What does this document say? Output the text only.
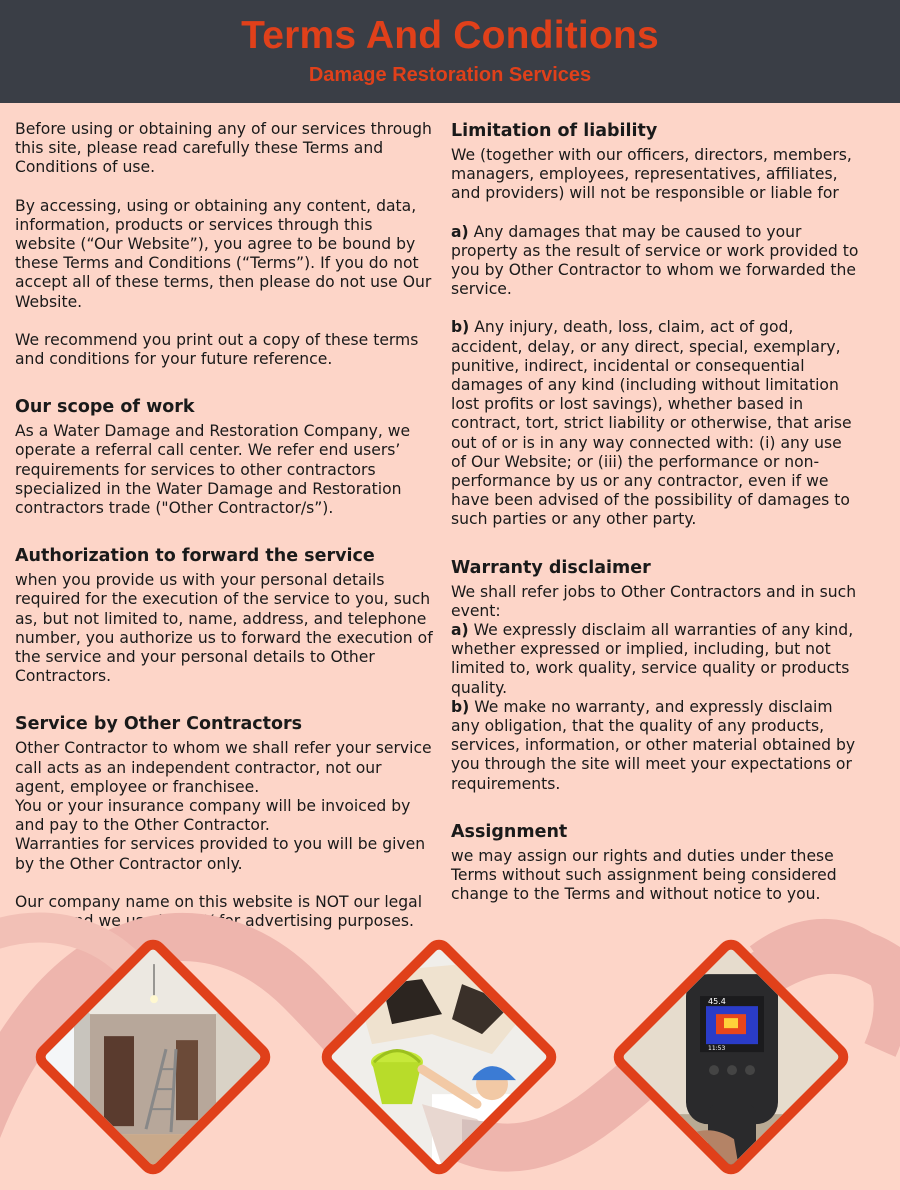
Terms And Conditions
Damage Restoration Services

Before using or obtaining any of our services through this site, please read carefully these Terms and Conditions of use.

By accessing, using or obtaining any content, data, information, products or services through this website (“Our Website”), you agree to be bound by these Terms and Conditions (“Terms”). If you do not accept all of these terms, then please do not use Our Website.

We recommend you print out a copy of these terms and conditions for your future reference.

Our scope of work

As a Water Damage and Restoration Company, we operate a referral call center. We refer end users’ requirements for services to other contractors specialized in the Water Damage and Restoration contractors trade ("Other Contractor/s”).

Authorization to forward the service

when you provide us with your personal details required for the execution of the service to you, such as, but not limited to, name, address, and telephone number, you authorize us to forward the execution of the service and your personal details to Other Contractors.

Service by Other Contractors

Other Contractor to whom we shall refer your service call acts as an independent contractor, not our agent, employee or franchisee.

You or your insurance company will be invoiced by and pay to the Other Contractor.

Warranties for services provided to you will be given by the Other Contractor only.

Our company name on this website is NOT our legal name and we use it ONLY for advertising purposes.

Limitation of liability

We (together with our officers, directors, members, managers, employees, representatives, affiliates, and providers) will not be responsible or liable for

a) Any damages that may be caused to your property as the result of service or work provided to you by Other Contractor to whom we forwarded the service.

b) Any injury, death, loss, claim, act of god, accident, delay, or any direct, special, exemplary, punitive, indirect, incidental or consequential damages of any kind (including without limitation lost profits or lost savings), whether based in contract, tort, strict liability or otherwise, that arise out of or is in any way connected with: (i) any use of Our Website; or (iii) the performance or non-performance by us or any contractor, even if we have been advised of the possibility of damages to such parties or any other party.

Warranty disclaimer

We shall refer jobs to Other Contractors and in such event:

a) We expressly disclaim all warranties of any kind, whether expressed or implied, including, but not limited to, work quality, service quality or products quality.

b) We make no warranty, and expressly disclaim any obligation, that the quality of any products, services, information, or other material obtained by you through the site will meet your expectations or requirements.

Assignment

we may assign our rights and duties under these Terms without such assignment being considered change to the Terms and without notice to you.

45.4
11:53
